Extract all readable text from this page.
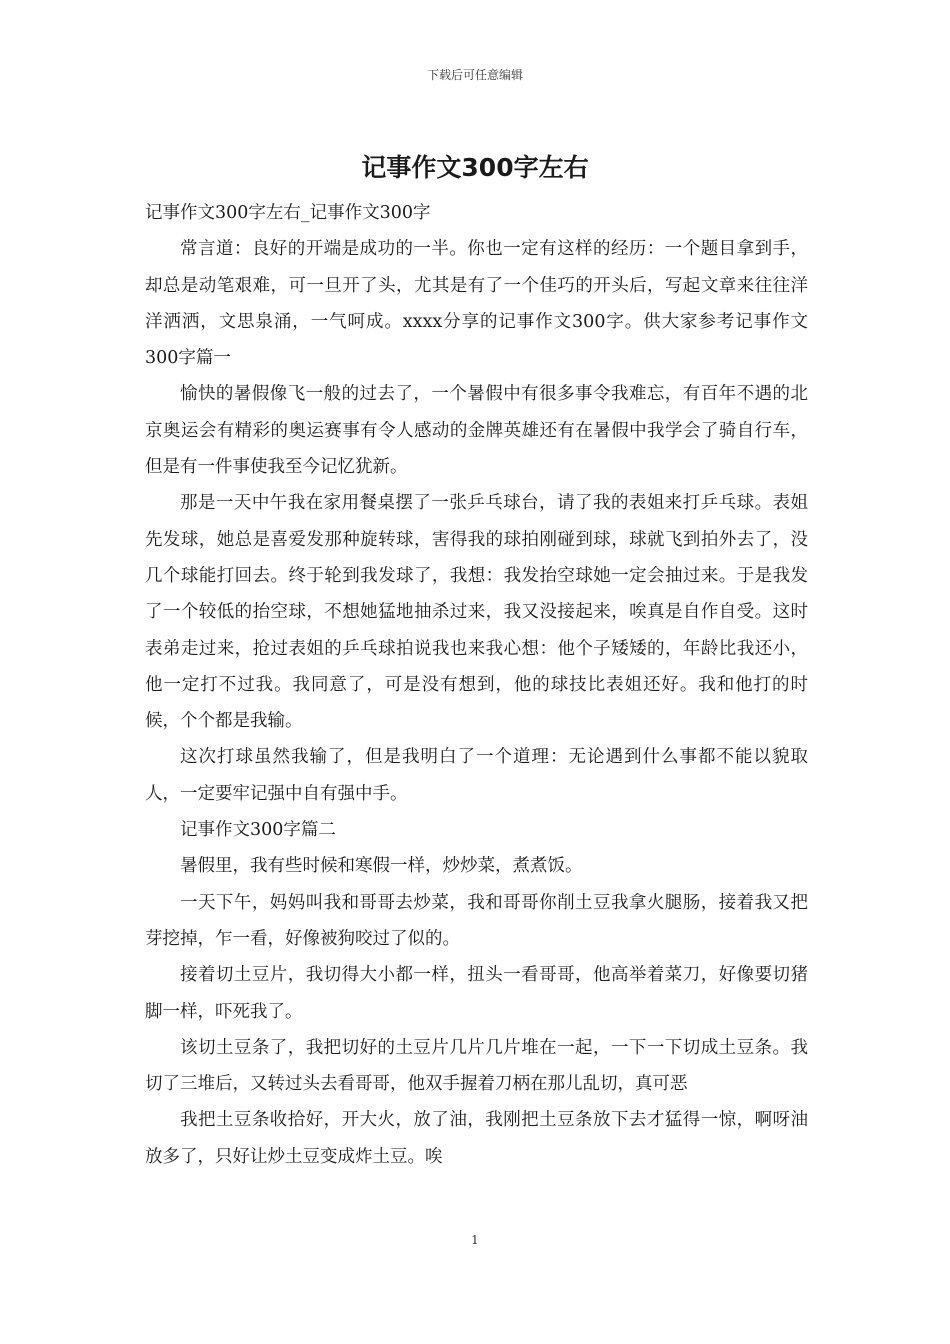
下载后可任意编辑
记事作文300字左右

记事作文300字左右_记事作文300字

常言道：良好的开端是成功的一半。你也一定有这样的经历：一个题目拿到手，却总是动笔艰难，可一旦开了头，尤其是有了一个佳巧的开头后，写起文章来往往洋洋洒洒，文思泉涌，一气呵成。xxxx分享的记事作文300字。供大家参考记事作文300字篇一

愉快的暑假像飞一般的过去了，一个暑假中有很多事令我难忘，有百年不遇的北京奥运会有精彩的奥运赛事有令人感动的金牌英雄还有在暑假中我学会了骑自行车，但是有一件事使我至今记忆犹新。

那是一天中午我在家用餐桌摆了一张乒乓球台，请了我的表姐来打乒乓球。表姐先发球，她总是喜爱发那种旋转球，害得我的球拍刚碰到球，球就飞到拍外去了，没几个球能打回去。终于轮到我发球了，我想：我发抬空球她一定会抽过来。于是我发了一个较低的抬空球，不想她猛地抽杀过来，我又没接起来，唉真是自作自受。这时表弟走过来，抢过表姐的乒乓球拍说我也来我心想：他个子矮矮的，年龄比我还小，他一定打不过我。我同意了，可是没有想到，他的球技比表姐还好。我和他打的时候，个个都是我输。

这次打球虽然我输了，但是我明白了一个道理：无论遇到什么事都不能以貌取人，一定要牢记强中自有强中手。

记事作文300字篇二

暑假里，我有些时候和寒假一样，炒炒菜，煮煮饭。

一天下午，妈妈叫我和哥哥去炒菜，我和哥哥你削土豆我拿火腿肠，接着我又把芽挖掉，乍一看，好像被狗咬过了似的。

接着切土豆片，我切得大小都一样，扭头一看哥哥，他高举着菜刀，好像要切猪脚一样，吓死我了。

该切土豆条了，我把切好的土豆片几片几片堆在一起，一下一下切成土豆条。我切了三堆后，又转过头去看哥哥，他双手握着刀柄在那儿乱切，真可恶

我把土豆条收拾好，开大火，放了油，我刚把土豆条放下去才猛得一惊，啊呀油放多了，只好让炒土豆变成炸土豆。唉

1
